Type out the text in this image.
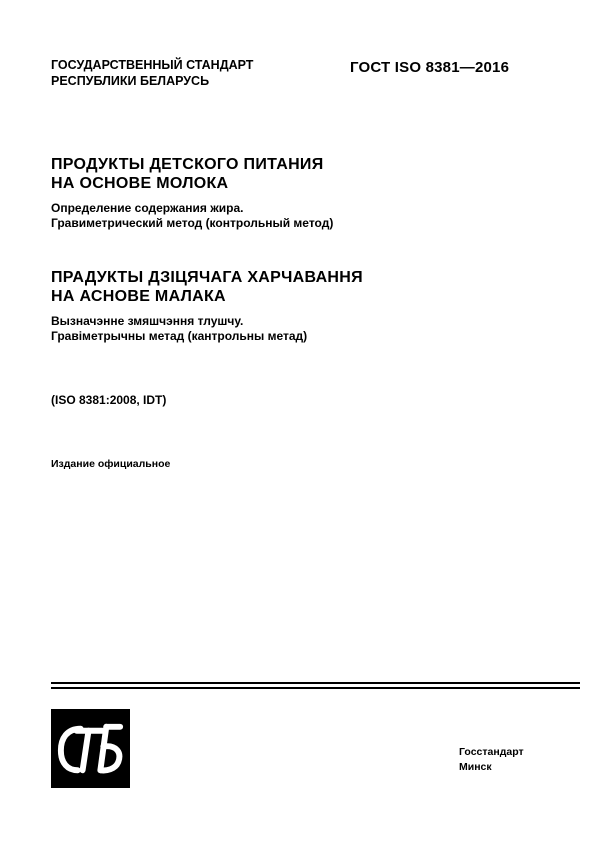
ГОСУДАРСТВЕННЫЙ СТАНДАРТ
РЕСПУБЛИКИ БЕЛАРУСЬ
ГОСТ ISO 8381—2016
ПРОДУКТЫ ДЕТСКОГО ПИТАНИЯ
НА ОСНОВЕ МОЛОКА
Определение содержания жира.
Гравиметрический метод (контрольный метод)
ПРАДУКТЫ ДЗІЦЯЧАГА ХАРЧАВАННЯ
НА АСНОВЕ МАЛАКА
Вызначэнне змяшчэння тлушчу.
Гравіметрычны метад (кантрольны метад)
(ISO 8381:2008, IDT)
Издание официальное
Госстандарт
Минск
